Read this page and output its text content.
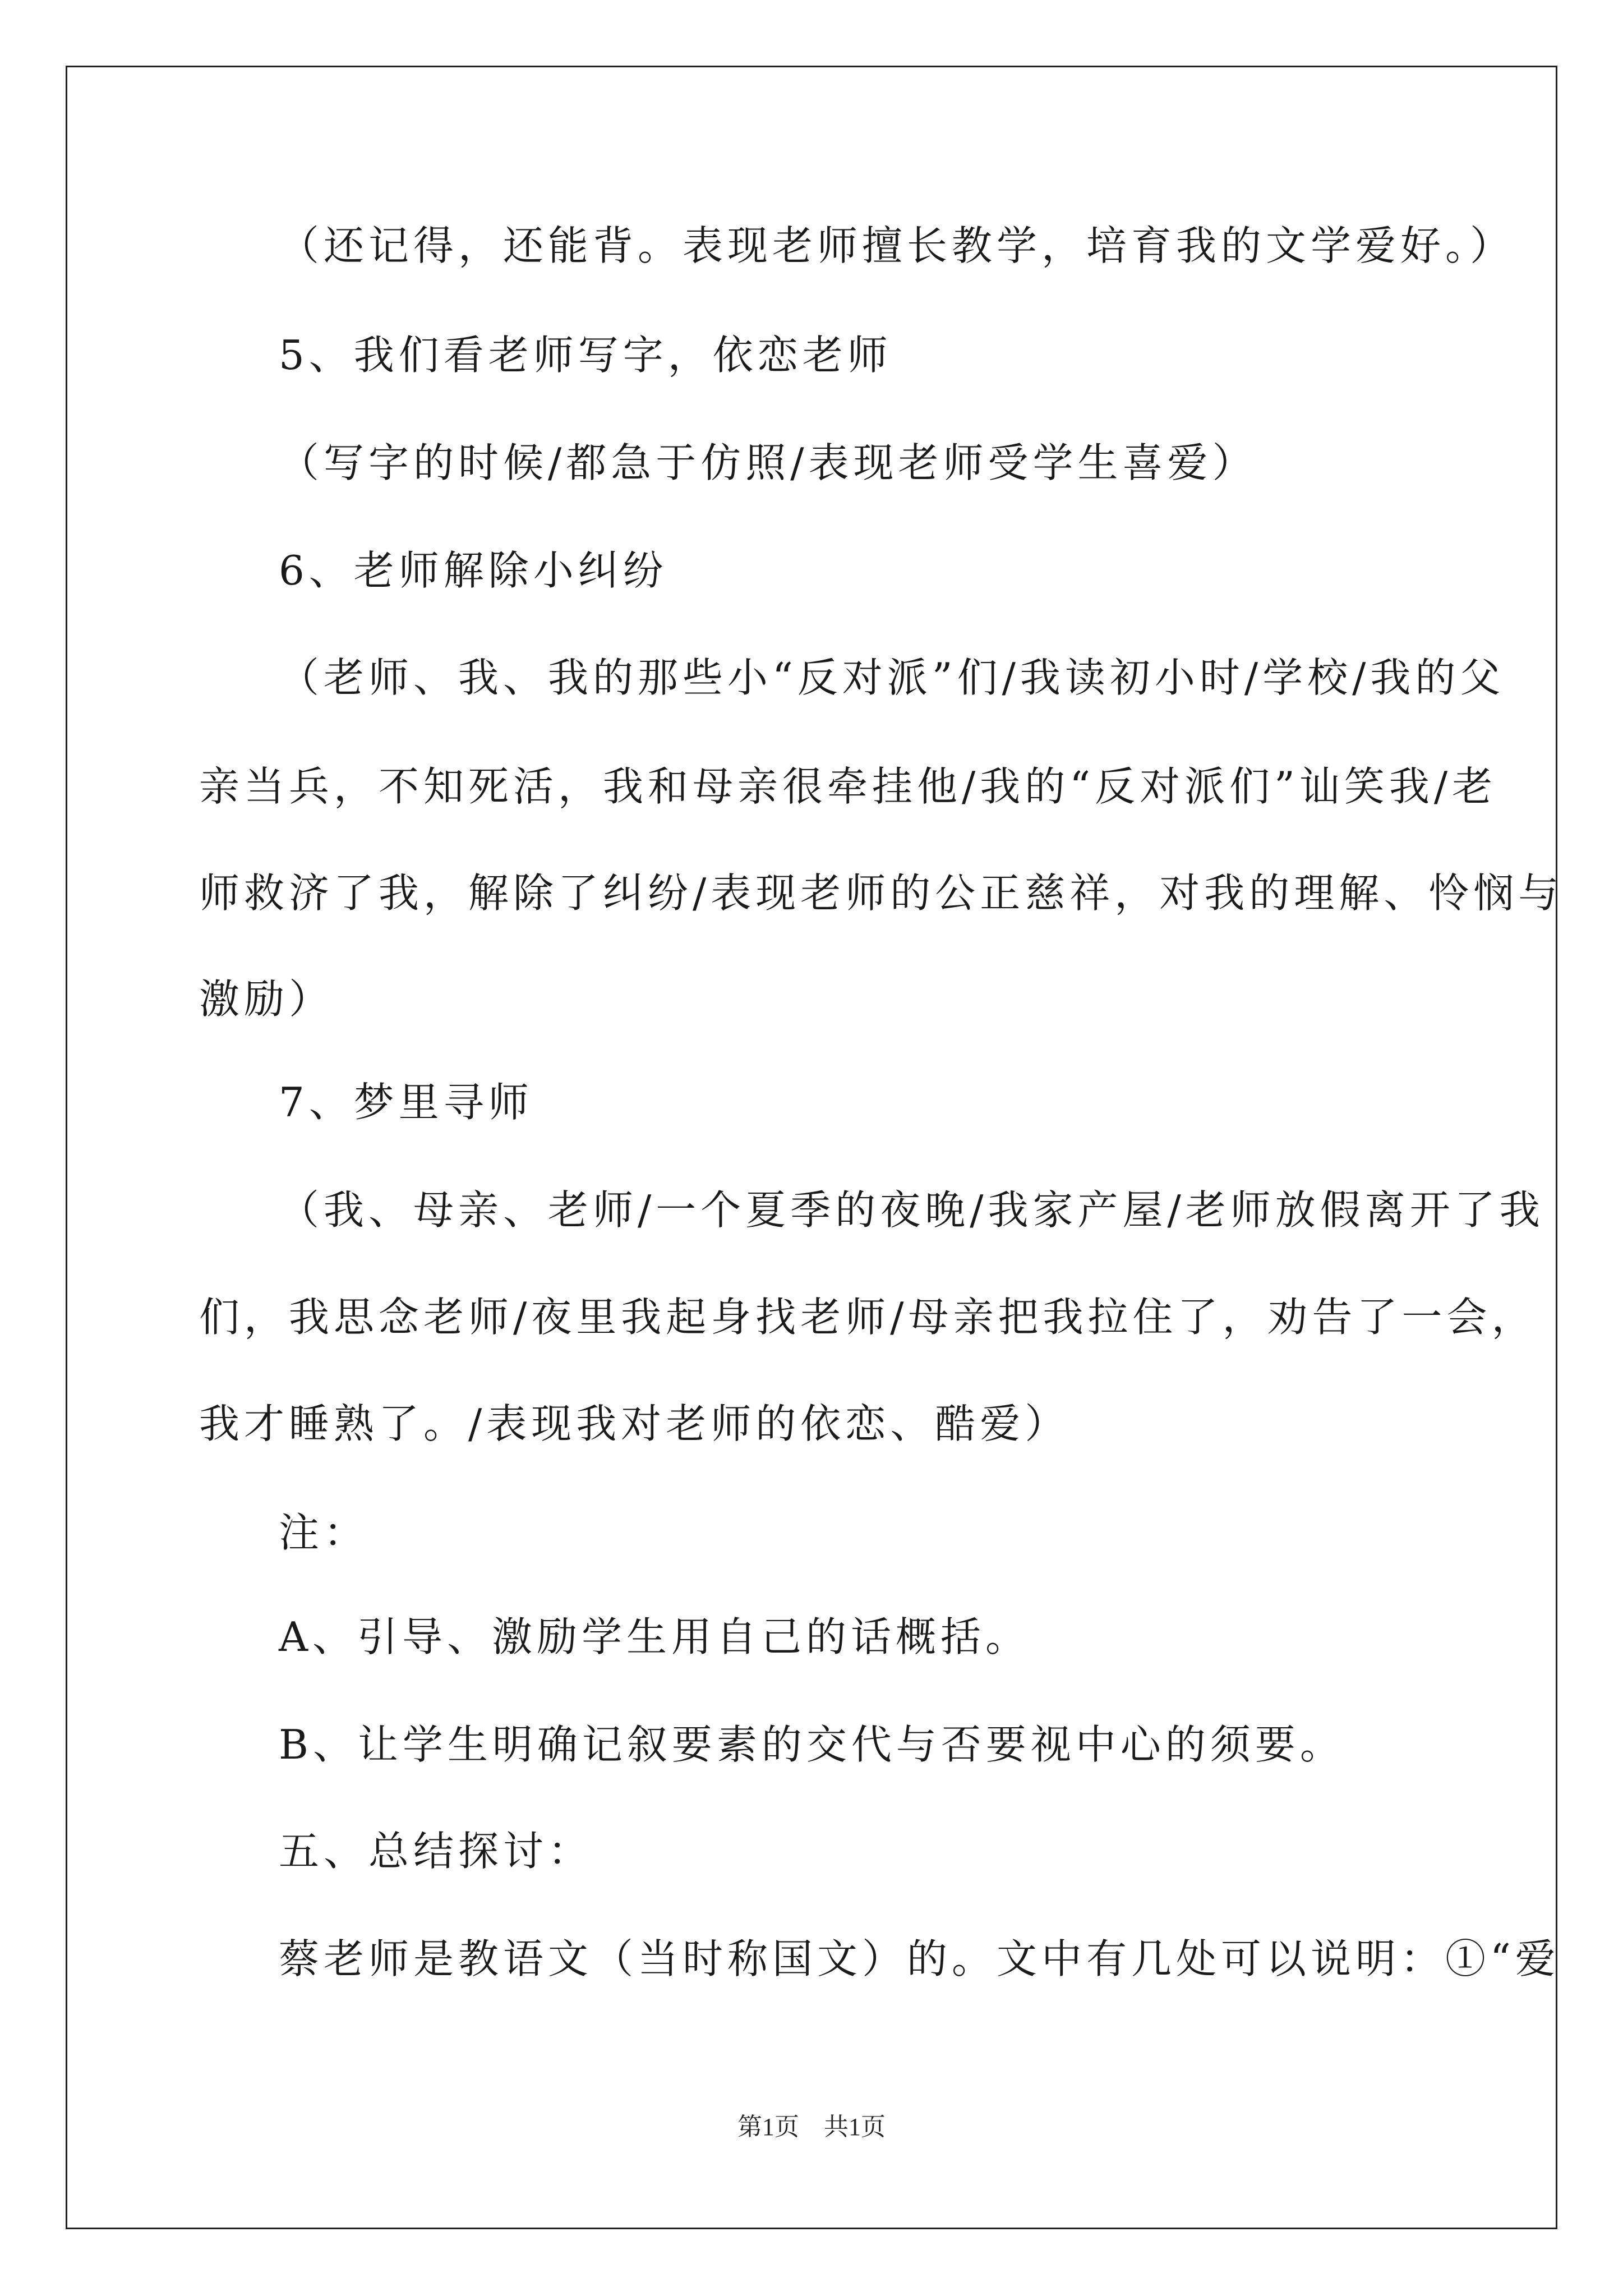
（还记得，还能背。表现老师擅长教学，培育我的文学爱好。）
5、我们看老师写字，依恋老师
（写字的时候/都急于仿照/表现老师受学生喜爱）
6、老师解除小纠纷
（老师、我、我的那些小“反对派”们/我读初小时/学校/我的父
亲当兵，不知死活，我和母亲很牵挂他/我的“反对派们”讪笑我/老
师救济了我，解除了纠纷/表现老师的公正慈祥，对我的理解、怜悯与
激励）
7、梦里寻师
（我、母亲、老师/一个夏季的夜晚/我家产屋/老师放假离开了我
们，我思念老师/夜里我起身找老师/母亲把我拉住了，劝告了一会，
我才睡熟了。/表现我对老师的依恋、酷爱）
注：
A、引导、激励学生用自己的话概括。
B、让学生明确记叙要素的交代与否要视中心的须要。
五、总结探讨：
蔡老师是教语文（当时称国文）的。文中有几处可以说明：①“爱
第1页　共1页
